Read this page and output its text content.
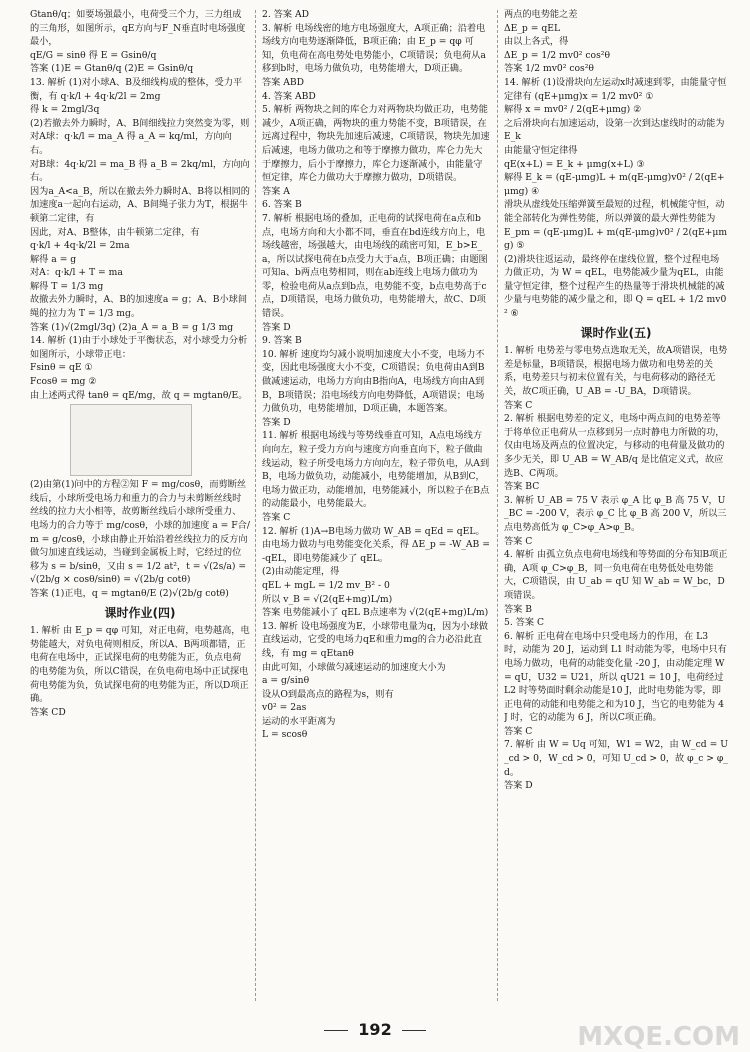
Gtanθ/q；如要场强最小，电荷受三个力，三力组成的三角形，如图所示，qE方向与F_N垂直时电场强度最小，

qE/G = sinθ 得 E = Gsinθ/q

答案 (1)E = Gtanθ/q (2)E = Gsinθ/q

13. 解析 (1)对小球A、B及细线构成的整体，受力平衡，有 q·k/l + 4q·k/2l = 2mg

得 k = 2mgl/3q

(2)若撤去外力瞬时，A、B间细线拉力突然变为零，则

对A球：q·k/l = ma_A 得 a_A = kq/ml，方向向右。

对B球：4q·k/2l = ma_B 得 a_B = 2kq/ml，方向向右。

因为a_A<a_B，所以在撤去外力瞬时A、B将以相同的加速度a一起向右运动，A、B间绳子张力为T，根据牛顿第二定律，有

因此，对A、B整体，由牛顿第二定律，有

q·k/l + 4q·k/2l = 2ma

解得 a = g

对A：q·k/l + T = ma

解得 T = 1/3 mg

故撤去外力瞬时，A、B的加速度a = g；A、B小球间绳的拉力为 T = 1/3 mg。

答案 (1)√(2mgl/3q) (2)a_A = a_B = g 1/3 mg

14. 解析 (1)由于小球处于平衡状态，对小球受力分析如图所示，小球带正电：

Fsinθ = qE ①

Fcosθ = mg ②

由上述两式得 tanθ = qE/mg，故 q = mgtanθ/E。

(2)由第(1)问中的方程②知 F = mg/cosθ，而剪断丝线后，小球所受电场力和重力的合力与未剪断丝线时丝线的拉力大小相等，故剪断丝线后小球所受重力、电场力的合力等于 mg/cosθ，小球的加速度 a = F合/m = g/cosθ，小球由静止开始沿着丝线拉力的反方向做匀加速直线运动，当碰到金属板上时，它经过的位移为 s = b/sinθ，又由 s = 1/2 at²，t = √(2s/a) = √(2b/g × cosθ/sinθ) = √(2b/g cotθ)

答案 (1)正电，q = mgtanθ/E (2)√(2b/g cotθ)

课时作业(四)

1. 解析 由 E_p = qφ 可知，对正电荷，电势越高，电势能越大，对负电荷则相反，所以A、B两项都错，正电荷在电场中，正试探电荷的电势能为正，负点电荷的电势能为负，所以C错误，在负电荷电场中正试探电荷电势能为负，负试探电荷的电势能为正，所以D项正确。

答案 CD

2. 答案 AD

3. 解析 电场线密的地方电场强度大，A项正确；沿着电场线方向电势逐渐降低，B项正确；由 E_p = qφ 可知，负电荷在高电势处电势能小，C项错误；负电荷从a移到b时，电场力做负功，电势能增大，D项正确。

答案 ABD

4. 答案 ABD

5. 解析 两物块之间的库仑力对两物块均做正功，电势能减少，A项正确，两物块的重力势能不变，B项错误，在远离过程中，物块先加速后减速，C项错误，物块先加速后减速，电场力做功之和等于摩擦力做功，库仑力先大于摩擦力，后小于摩擦力，库仑力逐渐减小，由能量守恒定律，库仑力做功大于摩擦力做功，D项错误。

答案 A

6. 答案 B

7. 解析 根据电场的叠加，正电荷的试探电荷在a点和b点，电场方向和大小都不同，垂直在bd连线方向上，电场线越密，场强越大，由电场线的疏密可知，E_b>E_a，所以试探电荷在b点受力大于a点，B项正确；由题图可知a、b两点电势相同，则在ab连线上电场力做功为零，检验电荷从a点到b点，电势能不变，b点电势高于c点，D项错误，电场力做负功，电势能增大，故C、D项错误。

答案 D

9. 答案 B

10. 解析 速度均匀减小说明加速度大小不变，电场力不变，因此电场强度大小不变，C项错误；负电荷由A到B做减速运动，电场力方向由B指向A，电场线方向由A到B，B项错误；沿电场线方向电势降低，A项错误；电场力做负功，电势能增加，D项正确，本题答案。

答案 D

11. 解析 根据电场线与等势线垂直可知，A点电场线方向向左，粒子受力方向与速度方向垂直向下，粒子做曲线运动，粒子所受电场力方向向左，粒子带负电，从A到B，电场力做负功，动能减小，电势能增加，从B到C，电场力做正功，动能增加，电势能减小，所以粒子在B点的动能最小，电势能最大。

答案 C

12. 解析 (1)A→B电场力做功 W_AB = qEd = qEL。

由电场力做功与电势能变化关系，得 ΔE_p = -W_AB = -qEL，即电势能减少了 qEL。

(2)由动能定理，得

qEL + mgL = 1/2 mv_B² - 0

所以 v_B = √(2(qE+mg)L/m)

答案 电势能减小了 qEL B点速率为 √(2(qE+mg)L/m)

13. 解析 设电场强度为E，小球带电量为q，因为小球做直线运动，它受的电场力qE和重力mg的合力必沿此直线，有 mg = qEtanθ

由此可知，小球做匀减速运动的加速度大小为

a = g/sinθ

设从O到最高点的路程为s，则有

v0² = 2as

运动的水平距离为

L = scosθ

两点的电势能之差

ΔE_p = qEL

由以上各式，得

ΔE_p = 1/2 mv0² cos²θ

答案 1/2 mv0² cos²θ

14. 解析 (1)设滑块向左运动x时减速到零，由能量守恒定律有 (qE+μmg)x = 1/2 mv0² ①

解得 x = mv0² / 2(qE+μmg) ②

之后滑块向右加速运动，设第一次到达虚线时的动能为 E_k

由能量守恒定律得

qE(x+L) = E_k + μmg(x+L) ③

解得 E_k = (qE-μmg)L + m(qE-μmg)v0² / 2(qE+μmg) ④

滑块从虚线处压缩弹簧至最短的过程，机械能守恒，动能全部转化为弹性势能，所以弹簧的最大弹性势能为

E_pm = (qE-μmg)L + m(qE-μmg)v0² / 2(qE+μmg) ⑤

(2)滑块往返运动，最终停在虚线位置，整个过程电场力做正功，为 W = qEL，电势能减少量为qEL，由能量守恒定律，整个过程产生的热量等于滑块机械能的减少量与电势能的减少量之和，即 Q = qEL + 1/2 mv0² ⑥

课时作业(五)

1. 解析 电势差与零电势点选取无关，故A项错误，电势差是标量，B项错误，根据电场力做功和电势差的关系，电势差只与初末位置有关，与电荷移动的路径无关，故C项正确，U_AB = -U_BA，D项错误。

答案 C

2. 解析 根据电势差的定义，电场中两点间的电势差等于将单位正电荷从一点移到另一点时静电力所做的功，仅由电场及两点的位置决定，与移动的电荷量及做功的多少无关，即 U_AB = W_AB/q 是比值定义式，故应选B、C两项。

答案 BC

3. 解析 U_AB = 75 V 表示 φ_A 比 φ_B 高 75 V，U_BC = -200 V，表示 φ_C 比 φ_B 高 200 V，所以三点电势高低为 φ_C>φ_A>φ_B。

答案 C

4. 解析 由孤立负点电荷电场线和等势面的分布知B项正确，A项 φ_C>φ_B，同一负电荷在电势低处电势能大，C项错误，由 U_ab = qU 知 W_ab = W_bc，D项错误。

答案 B

5. 答案 C

6. 解析 正电荷在电场中只受电场力的作用，在 L3 时，动能为 20 J，运动到 L1 时动能为零，电场中只有电场力做功，电荷的动能变化量 -20 J，由动能定理 W = qU，U32 = U21，所以 qU21 = 10 J，电荷经过 L2 时等势面时剩余动能是10 J，此时电势能为零，即正电荷的动能和电势能之和为10 J，当它的电势能为 4 J 时，它的动能为 6 J，所以C项正确。

答案 C

7. 解析 由 W = Uq 可知，W1 = W2，由 W_cd = U_cd > 0，W_cd > 0，可知 U_cd > 0，故 φ_c > φ_d。

答案 D

192	MXQE.COM
